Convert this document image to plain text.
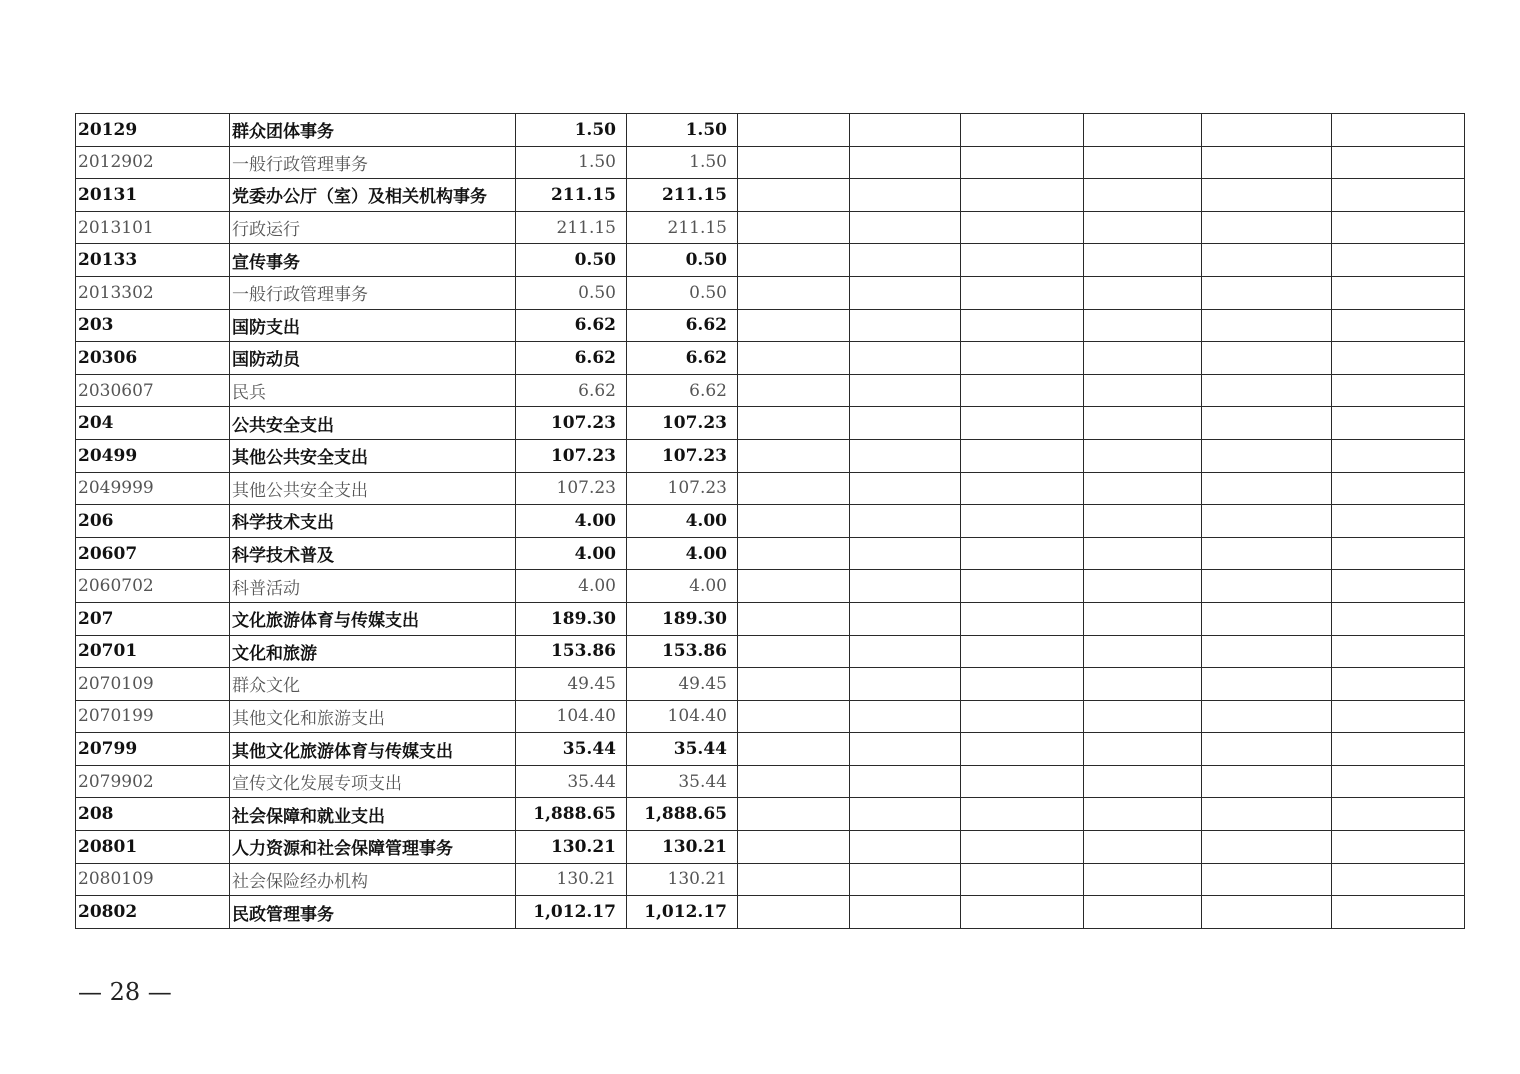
20129	群众团体事务	1.50	1.50						
2012902	一般行政管理事务	1.50	1.50						
20131	党委办公厅（室）及相关机构事务	211.15	211.15						
2013101	行政运行	211.15	211.15						
20133	宣传事务	0.50	0.50						
2013302	一般行政管理事务	0.50	0.50						
203	国防支出	6.62	6.62						
20306	国防动员	6.62	6.62						
2030607	民兵	6.62	6.62						
204	公共安全支出	107.23	107.23						
20499	其他公共安全支出	107.23	107.23						
2049999	其他公共安全支出	107.23	107.23						
206	科学技术支出	4.00	4.00						
20607	科学技术普及	4.00	4.00						
2060702	科普活动	4.00	4.00						
207	文化旅游体育与传媒支出	189.30	189.30						
20701	文化和旅游	153.86	153.86						
2070109	群众文化	49.45	49.45						
2070199	其他文化和旅游支出	104.40	104.40						
20799	其他文化旅游体育与传媒支出	35.44	35.44						
2079902	宣传文化发展专项支出	35.44	35.44						
208	社会保障和就业支出	1,888.65	1,888.65						
20801	人力资源和社会保障管理事务	130.21	130.21						
2080109	社会保险经办机构	130.21	130.21						
20802	民政管理事务	1,012.17	1,012.17						
— 28 —
